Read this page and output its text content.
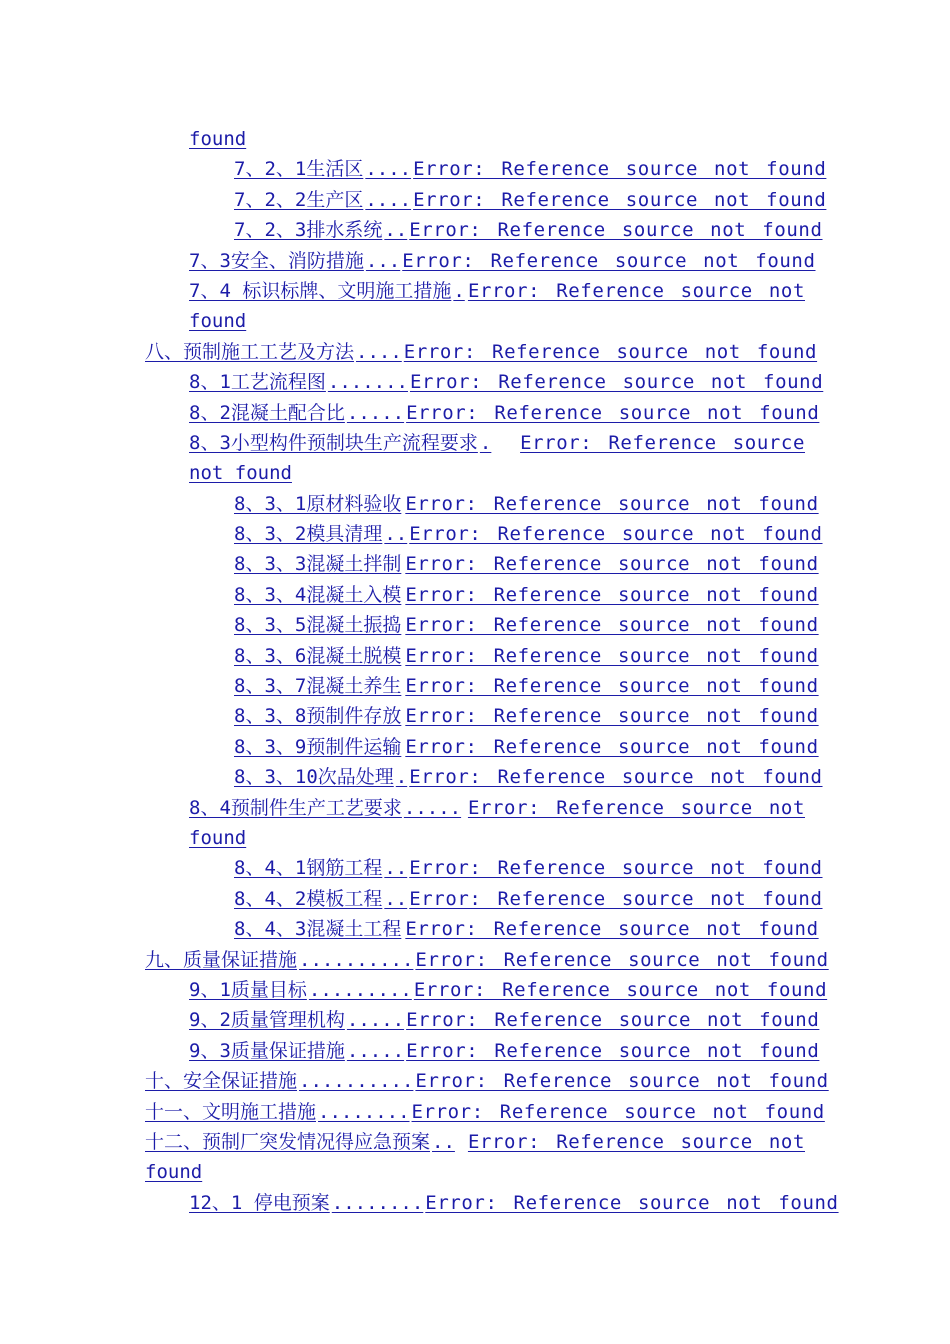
found
7、2、1生活区 .... Error: Reference source not found
7、2、2生产区 .... Error: Reference source not found
7、2、3排水系统 .. Error: Reference source not found
7、3安全、消防措施 ... Error: Reference source not found
7、4 标识标牌、文明施工措施 . Error: Reference source not
found
八、预制施工工艺及方法 .... Error: Reference source not found
8、1工艺流程图 ....... Error: Reference source not found
8、2混凝土配合比 ..... Error: Reference source not found
8、3小型构件预制块生产流程要求 .	Error: Reference source
not found
8、3、1原材料验收 Error: Reference source not found
8、3、2模具清理 .. Error: Reference source not found
8、3、3混凝土拌制 Error: Reference source not found
8、3、4混凝土入模 Error: Reference source not found
8、3、5混凝土振捣 Error: Reference source not found
8、3、6混凝土脱模 Error: Reference source not found
8、3、7混凝土养生 Error: Reference source not found
8、3、8预制件存放 Error: Reference source not found
8、3、9预制件运输 Error: Reference source not found
8、3、10次品处理 . Error: Reference source not found
8、4预制件生产工艺要求 ..... Error: Reference source not
found
8、4、1钢筋工程 .. Error: Reference source not found
8、4、2模板工程 .. Error: Reference source not found
8、4、3混凝土工程 Error: Reference source not found
九、质量保证措施 .......... Error: Reference source not found
9、1质量目标 ......... Error: Reference source not found
9、2质量管理机构 ..... Error: Reference source not found
9、3质量保证措施 ..... Error: Reference source not found
十、安全保证措施 .......... Error: Reference source not found
十一、文明施工措施 ........ Error: Reference source not found
十二、预制厂突发情况得应急预案 .. Error: Reference source not
found
12、1 停电预案 ........ Error: Reference source not found
